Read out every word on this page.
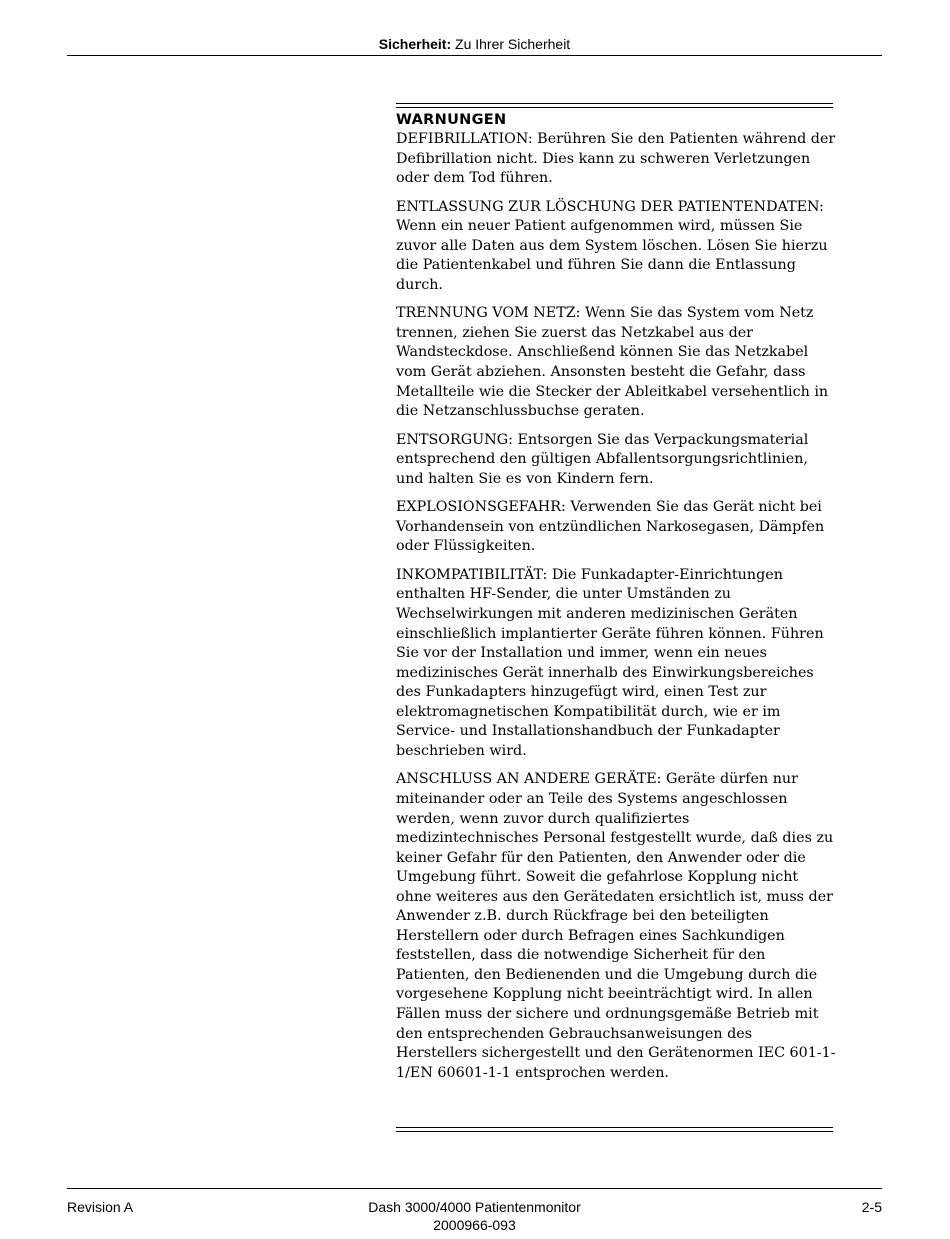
Sicherheit: Zu Ihrer Sicherheit
WARNUNGEN

DEFIBRILLATION: Berühren Sie den Patienten während der Defibrillation nicht. Dies kann zu schweren Verletzungen oder dem Tod führen.

ENTLASSUNG ZUR LÖSCHUNG DER PATIENTENDATEN: Wenn ein neuer Patient aufgenommen wird, müssen Sie zuvor alle Daten aus dem System löschen. Lösen Sie hierzu die Patientenkabel und führen Sie dann die Entlassung durch.

TRENNUNG VOM NETZ: Wenn Sie das System vom Netz trennen, ziehen Sie zuerst das Netzkabel aus der Wandsteckdose. Anschließend können Sie das Netzkabel vom Gerät abziehen. Ansonsten besteht die Gefahr, dass Metallteile wie die Stecker der Ableitkabel versehentlich in die Netzanschlussbuchse geraten.

ENTSORGUNG: Entsorgen Sie das Verpackungsmaterial entsprechend den gültigen Abfallentsorgungsrichtlinien, und halten Sie es von Kindern fern.

EXPLOSIONSGEFAHR: Verwenden Sie das Gerät nicht bei Vorhandensein von entzündlichen Narkosegasen, Dämpfen oder Flüssigkeiten.

INKOMPATIBILITÄT: Die Funkadapter-Einrichtungen enthalten HF-Sender, die unter Umständen zu Wechselwirkungen mit anderen medizinischen Geräten einschließlich implantierter Geräte führen können. Führen Sie vor der Installation und immer, wenn ein neues medizinisches Gerät innerhalb des Einwirkungsbereiches des Funkadapters hinzugefügt wird, einen Test zur elektromagnetischen Kompatibilität durch, wie er im Service- und Installationshandbuch der Funkadapter beschrieben wird.

ANSCHLUSS AN ANDERE GERÄTE: Geräte dürfen nur miteinander oder an Teile des Systems angeschlossen werden, wenn zuvor durch qualifiziertes medizintechnisches Personal festgestellt wurde, daß dies zu keiner Gefahr für den Patienten, den Anwender oder die Umgebung führt. Soweit die gefahrlose Kopplung nicht ohne weiteres aus den Gerätedaten ersichtlich ist, muss der Anwender z.B. durch Rückfrage bei den beteiligten Herstellern oder durch Befragen eines Sachkundigen feststellen, dass die notwendige Sicherheit für den Patienten, den Bedienenden und die Umgebung durch die vorgesehene Kopplung nicht beeinträchtigt wird. In allen Fällen muss der sichere und ordnungsgemäße Betrieb mit den entsprechenden Gebrauchsanweisungen des Herstellers sichergestellt und den Gerätenormen IEC 601-1-1/EN 60601-1-1 entsprochen werden.

Revision A	Dash 3000/4000 Patientenmonitor
2000966-093
2-5
